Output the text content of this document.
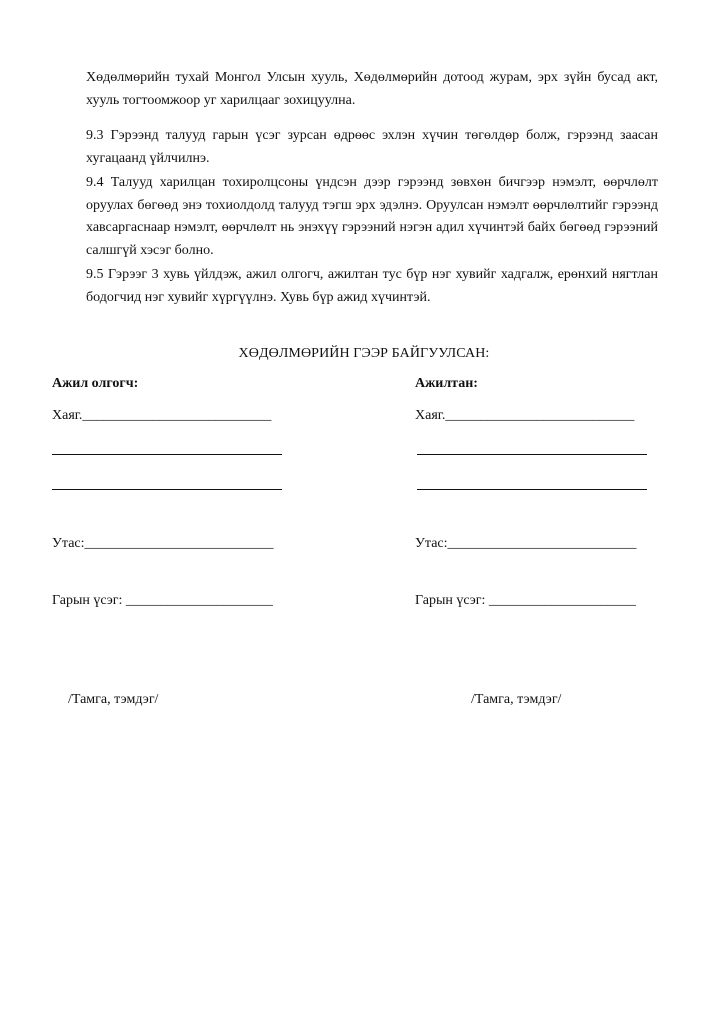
Хөдөлмөрийн тухай Монгол Улсын хууль, Хөдөлмөрийн дотоод журам, эрх зүйн бусад акт, хууль тогтоомжоор уг харилцааг зохицуулна.

9.3 Гэрээнд талууд гарын үсэг зурсан өдрөөс эхлэн хүчин төгөлдөр болж, гэрээнд заасан хугацаанд үйлчилнэ.

9.4 Талууд харилцан тохиролцсоны үндсэн дээр гэрээнд зөвхөн бичгээр нэмэлт, өөрчлөлт оруулах бөгөөд энэ тохиолдолд талууд тэгш эрх эдэлнэ. Оруулсан нэмэлт өөрчлөлтийг гэрээнд хавсаргаснаар нэмэлт, өөрчлөлт нь энэхүү гэрээний нэгэн адил хүчинтэй байх бөгөөд гэрээний салшгүй хэсэг болно.

9.5 Гэрээг 3 хувь үйлдэж, ажил олгогч, ажилтан тус бүр нэг хувийг хадгалж, ерөнхий нягтлан бодогчид нэг хувийг хүргүүлнэ. Хувь бүр ажид хүчинтэй.

ХӨДӨЛМӨРИЙН ГЭЭР БАЙГУУЛСАН:
Ажил олгогч:
Хаяг.___________________________
Утас:___________________________
Гарын үсэг: _____________________
/Тамга, тэмдэг/
Ажилтан:
Хаяг.___________________________
Утас:___________________________
Гарын үсэг: _____________________
/Тамга, тэмдэг/
